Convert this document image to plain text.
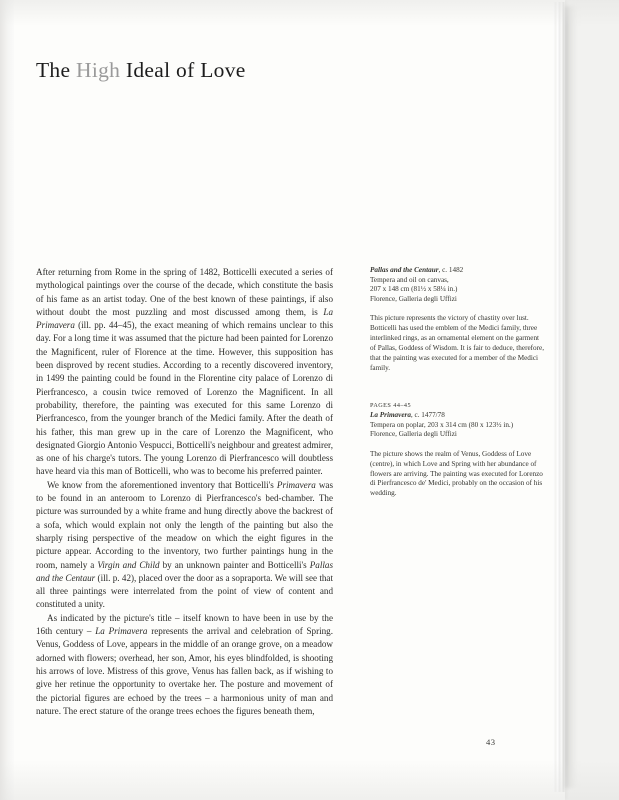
The High Ideal of Love

After returning from Rome in the spring of 1482, Botticelli executed a series of mythological paintings over the course of the decade, which constitute the basis of his fame as an artist today. One of the best known of these paintings, if also without doubt the most puzzling and most discussed among them, is La Primavera (ill. pp. 44–45), the exact meaning of which remains unclear to this day. For a long time it was assumed that the picture had been painted for Lorenzo the Magnificent, ruler of Florence at the time. However, this supposition has been disproved by recent studies. According to a recently discovered inventory, in 1499 the painting could be found in the Florentine city palace of Lorenzo di Pierfrancesco, a cousin twice removed of Lorenzo the Magnificent. In all probability, therefore, the painting was executed for this same Lorenzo di Pierfrancesco, from the younger branch of the Medici family. After the death of his father, this man grew up in the care of Lorenzo the Magnificent, who designated Giorgio Antonio Vespucci, Botticelli's neighbour and greatest admirer, as one of his charge's tutors. The young Lorenzo di Pierfrancesco will doubtless have heard via this man of Botticelli, who was to become his preferred painter.

We know from the aforementioned inventory that Botticelli's Primavera was to be found in an anteroom to Lorenzo di Pierfrancesco's bed-chamber. The picture was surrounded by a white frame and hung directly above the backrest of a sofa, which would explain not only the length of the painting but also the sharply rising perspective of the meadow on which the eight figures in the picture appear. According to the inventory, two further paintings hung in the room, namely a Virgin and Child by an unknown painter and Botticelli's Pallas and the Centaur (ill. p. 42), placed over the door as a sopraporta. We will see that all three paintings were interrelated from the point of view of content and constituted a unity.

As indicated by the picture's title – itself known to have been in use by the 16th century – La Primavera represents the arrival and celebration of Spring. Venus, Goddess of Love, appears in the middle of an orange grove, on a meadow adorned with flowers; overhead, her son, Amor, his eyes blindfolded, is shooting his arrows of love. Mistress of this grove, Venus has fallen back, as if wishing to give her retinue the opportunity to overtake her. The posture and movement of the pictorial figures are echoed by the trees – a harmonious unity of man and nature. The erect stature of the orange trees echoes the figures beneath them,

Pallas and the Centaur, c. 1482

Tempera and oil on canvas,

207 x 148 cm (81½ x 58¼ in.)

Florence, Galleria degli Uffizi

This picture represents the victory of chastity over lust. Botticelli has used the emblem of the Medici family, three interlinked rings, as an ornamental element on the garment of Pallas, Goddess of Wisdom. It is fair to deduce, therefore, that the painting was executed for a member of the Medici family.

PAGES 44–45

La Primavera, c. 1477/78

Tempera on poplar, 203 x 314 cm (80 x 123½ in.)

Florence, Galleria degli Uffizi

The picture shows the realm of Venus, Goddess of Love (centre), in which Love and Spring with her abundance of flowers are arriving. The painting was executed for Lorenzo di Pierfrancesco de' Medici, probably on the occasion of his wedding.

43
